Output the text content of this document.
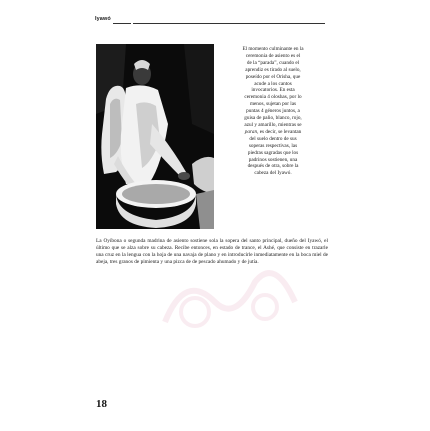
Iyawó
El momento culminante en la
ceremonia de asiento es el
de la “parada”, cuando el
aprendiz es tirado al suelo,
poseído por el Orisha, que
acude a los cantos
invocatorios. En esta
ceremonia 4 oloshas, por lo
menos, sujetan por las
puntas 4 géneros juntos, a
guisa de palio, blanco, rojo,
azul y amarillo, mientras se
paran, es decir, se levantan
del suelo dentro de sus
soperas respectivas, las
piedras sagradas que los
padrinos sostienen, una
después de otra, sobre la
cabeza del Iyawó.

La Oyíbona o segunda madrina de asiento sostiene sola la sopera del santo principal, dueño del Iyawó, el último que se alza sobre su cabeza. Recibe entonces, en estado de trance, el Ashé, que consiste en trazarle una cruz en la lengua con la hoja de una navaja de plano y en introducirle inmediatamente en la boca miel de abeja, tres granos de pimienta y una pizca de de pescado ahumado y de jutía.

18
